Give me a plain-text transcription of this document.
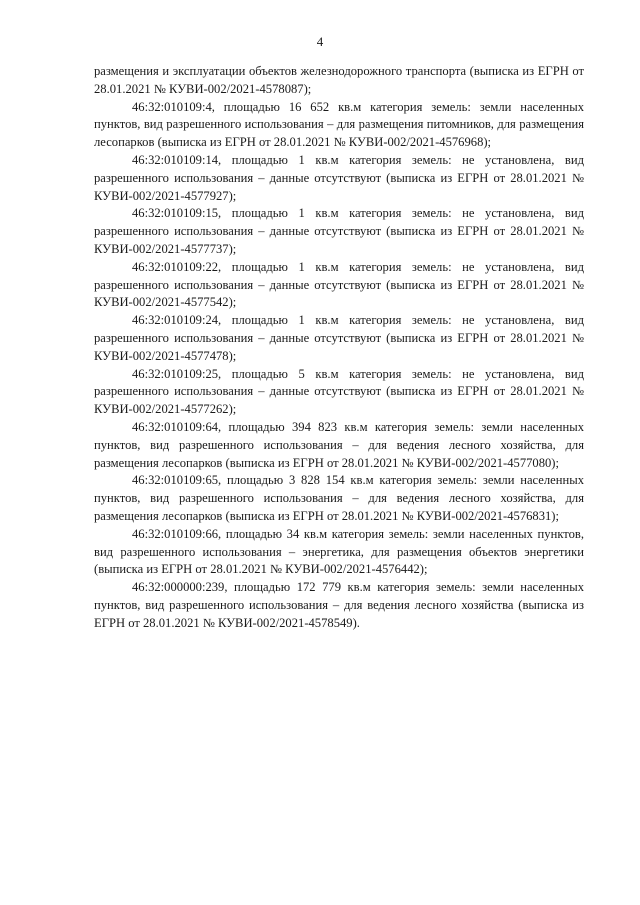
4

размещения и эксплуатации объектов железнодорожного транспорта (выписка из ЕГРН от 28.01.2021 № КУВИ-002/2021-4578087);

46:32:010109:4, площадью 16 652 кв.м категория земель: земли населенных пунктов, вид разрешенного использования – для размещения питомников, для размещения лесопарков (выписка из ЕГРН от 28.01.2021 № КУВИ-002/2021-4576968);

46:32:010109:14, площадью 1 кв.м категория земель: не установлена, вид разрешенного использования – данные отсутствуют (выписка из ЕГРН от 28.01.2021 № КУВИ-002/2021-4577927);

46:32:010109:15, площадью 1 кв.м категория земель: не установлена, вид разрешенного использования – данные отсутствуют (выписка из ЕГРН от 28.01.2021 № КУВИ-002/2021-4577737);

46:32:010109:22, площадью 1 кв.м категория земель: не установлена, вид разрешенного использования – данные отсутствуют (выписка из ЕГРН от 28.01.2021 № КУВИ-002/2021-4577542);

46:32:010109:24, площадью 1 кв.м категория земель: не установлена, вид разрешенного использования – данные отсутствуют (выписка из ЕГРН от 28.01.2021 № КУВИ-002/2021-4577478);

46:32:010109:25, площадью 5 кв.м категория земель: не установлена, вид разрешенного использования – данные отсутствуют (выписка из ЕГРН от 28.01.2021 № КУВИ-002/2021-4577262);

46:32:010109:64, площадью 394 823 кв.м категория земель: земли населенных пунктов, вид разрешенного использования – для ведения лесного хозяйства, для размещения лесопарков (выписка из ЕГРН от 28.01.2021 № КУВИ-002/2021-4577080);

46:32:010109:65, площадью 3 828 154 кв.м категория земель: земли населенных пунктов, вид разрешенного использования – для ведения лесного хозяйства, для размещения лесопарков (выписка из ЕГРН от 28.01.2021 № КУВИ-002/2021-4576831);

46:32:010109:66, площадью 34 кв.м категория земель: земли населенных пунктов, вид разрешенного использования – энергетика, для размещения объектов энергетики (выписка из ЕГРН от 28.01.2021 № КУВИ-002/2021-4576442);

46:32:000000:239, площадью 172 779 кв.м категория земель: земли населенных пунктов, вид разрешенного использования – для ведения лесного хозяйства (выписка из ЕГРН от 28.01.2021 № КУВИ-002/2021-4578549).
